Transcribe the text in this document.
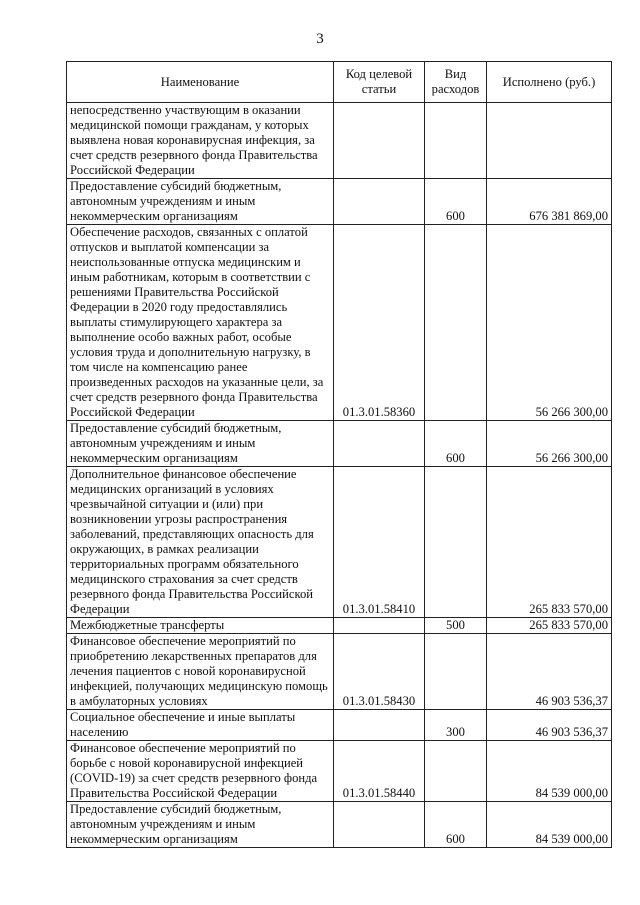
3
Наименование	Код целевой статьи	Вид расходов	Исполнено (руб.)
непосредственно участвующим в оказании медицинской помощи гражданам, у которых выявлена новая коронавирусная инфекция, за счет средств резервного фонда Правительства Российской Федерации			
Предоставление субсидий бюджетным, автономным учреждениям и иным некоммерческим организациям		600	676 381 869,00
Обеспечение расходов, связанных с оплатой отпусков и выплатой компенсации за неиспользованные отпуска медицинским и иным работникам, которым в соответствии с решениями Правительства Российской Федерации в 2020 году предоставлялись выплаты стимулирующего характера за выполнение особо важных работ, особые условия труда и дополнительную нагрузку, в том числе на компенсацию ранее произведенных расходов на указанные цели, за счет средств резервного фонда Правительства Российской Федерации	01.3.01.58360		56 266 300,00
Предоставление субсидий бюджетным, автономным учреждениям и иным некоммерческим организациям		600	56 266 300,00
Дополнительное финансовое обеспечение медицинских организаций в условиях чрезвычайной ситуации и (или) при возникновении угрозы распространения заболеваний, представляющих опасность для окружающих, в рамках реализации территориальных программ обязательного медицинского страхования за счет средств резервного фонда Правительства Российской Федерации	01.3.01.58410		265 833 570,00
Межбюджетные трансферты		500	265 833 570,00
Финансовое обеспечение мероприятий по приобретению лекарственных препаратов для лечения пациентов с новой коронавирусной инфекцией, получающих медицинскую помощь в амбулаторных условиях	01.3.01.58430		46 903 536,37
Социальное обеспечение и иные выплаты населению		300	46 903 536,37
Финансовое обеспечение мероприятий по борьбе с новой коронавирусной инфекцией (COVID-19) за счет средств резервного фонда Правительства Российской Федерации	01.3.01.58440		84 539 000,00
Предоставление субсидий бюджетным, автономным учреждениям и иным некоммерческим организациям		600	84 539 000,00
